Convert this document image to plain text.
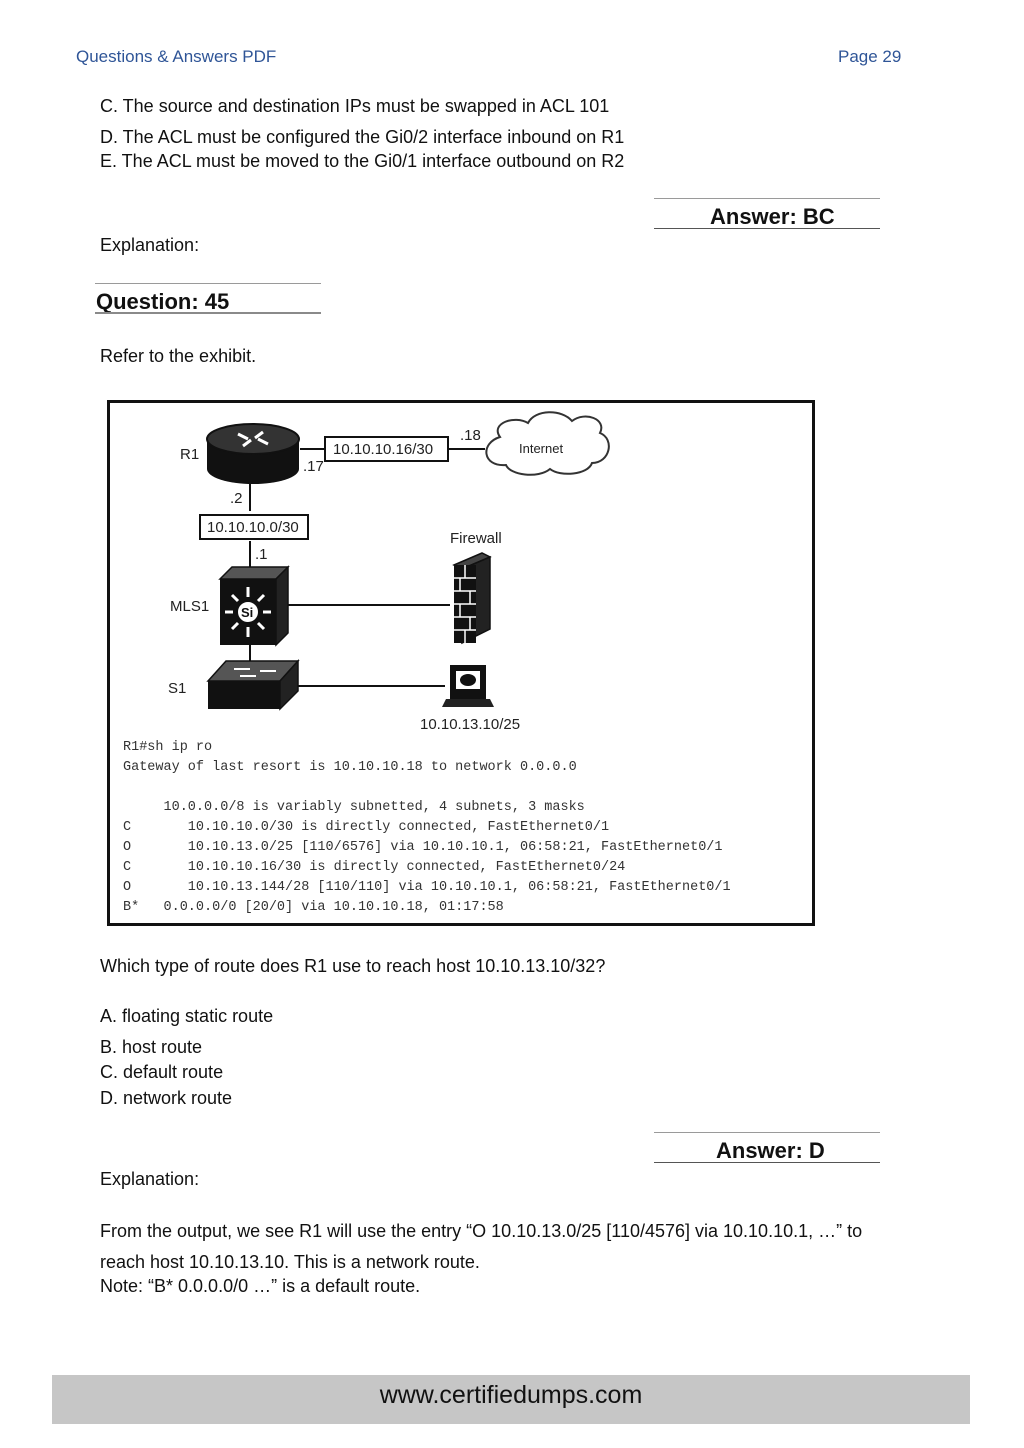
Questions & Answers PDF	Page 29
C. The source and destination IPs must be swapped in ACL 101
D. The ACL must be configured the Gi0/2 interface inbound on R1
E. The ACL must be moved to the Gi0/1 interface outbound on R2
Answer: BC
Explanation:
Question: 45
Refer to the exhibit.
R1
.17
.2
10.10.10.16/30
.18
Internet
10.10.10.0/30
.1
Si
MLS1
Firewall
S1
10.10.13.10/25
R1#sh ip ro
Gateway of last resort is 10.10.10.18 to network 0.0.0.0
10.0.0.0/8 is variably subnetted, 4 subnets, 3 masks
C       10.10.10.0/30 is directly connected, FastEthernet0/1
O       10.10.13.0/25 [110/6576] via 10.10.10.1, 06:58:21, FastEthernet0/1
C       10.10.10.16/30 is directly connected, FastEthernet0/24
O       10.10.13.144/28 [110/110] via 10.10.10.1, 06:58:21, FastEthernet0/1
B*   0.0.0.0/0 [20/0] via 10.10.10.18, 01:17:58
Which type of route does R1 use to reach host 10.10.13.10/32?
A. floating static route
B. host route
C. default route
D. network route
Answer: D
Explanation:
From the output, we see R1 will use the entry “O 10.10.13.0/25 [110/4576] via 10.10.10.1, …” to
reach host 10.10.13.10. This is a network route.
Note: “B* 0.0.0.0/0 …” is a default route.
www.certifiedumps.com
